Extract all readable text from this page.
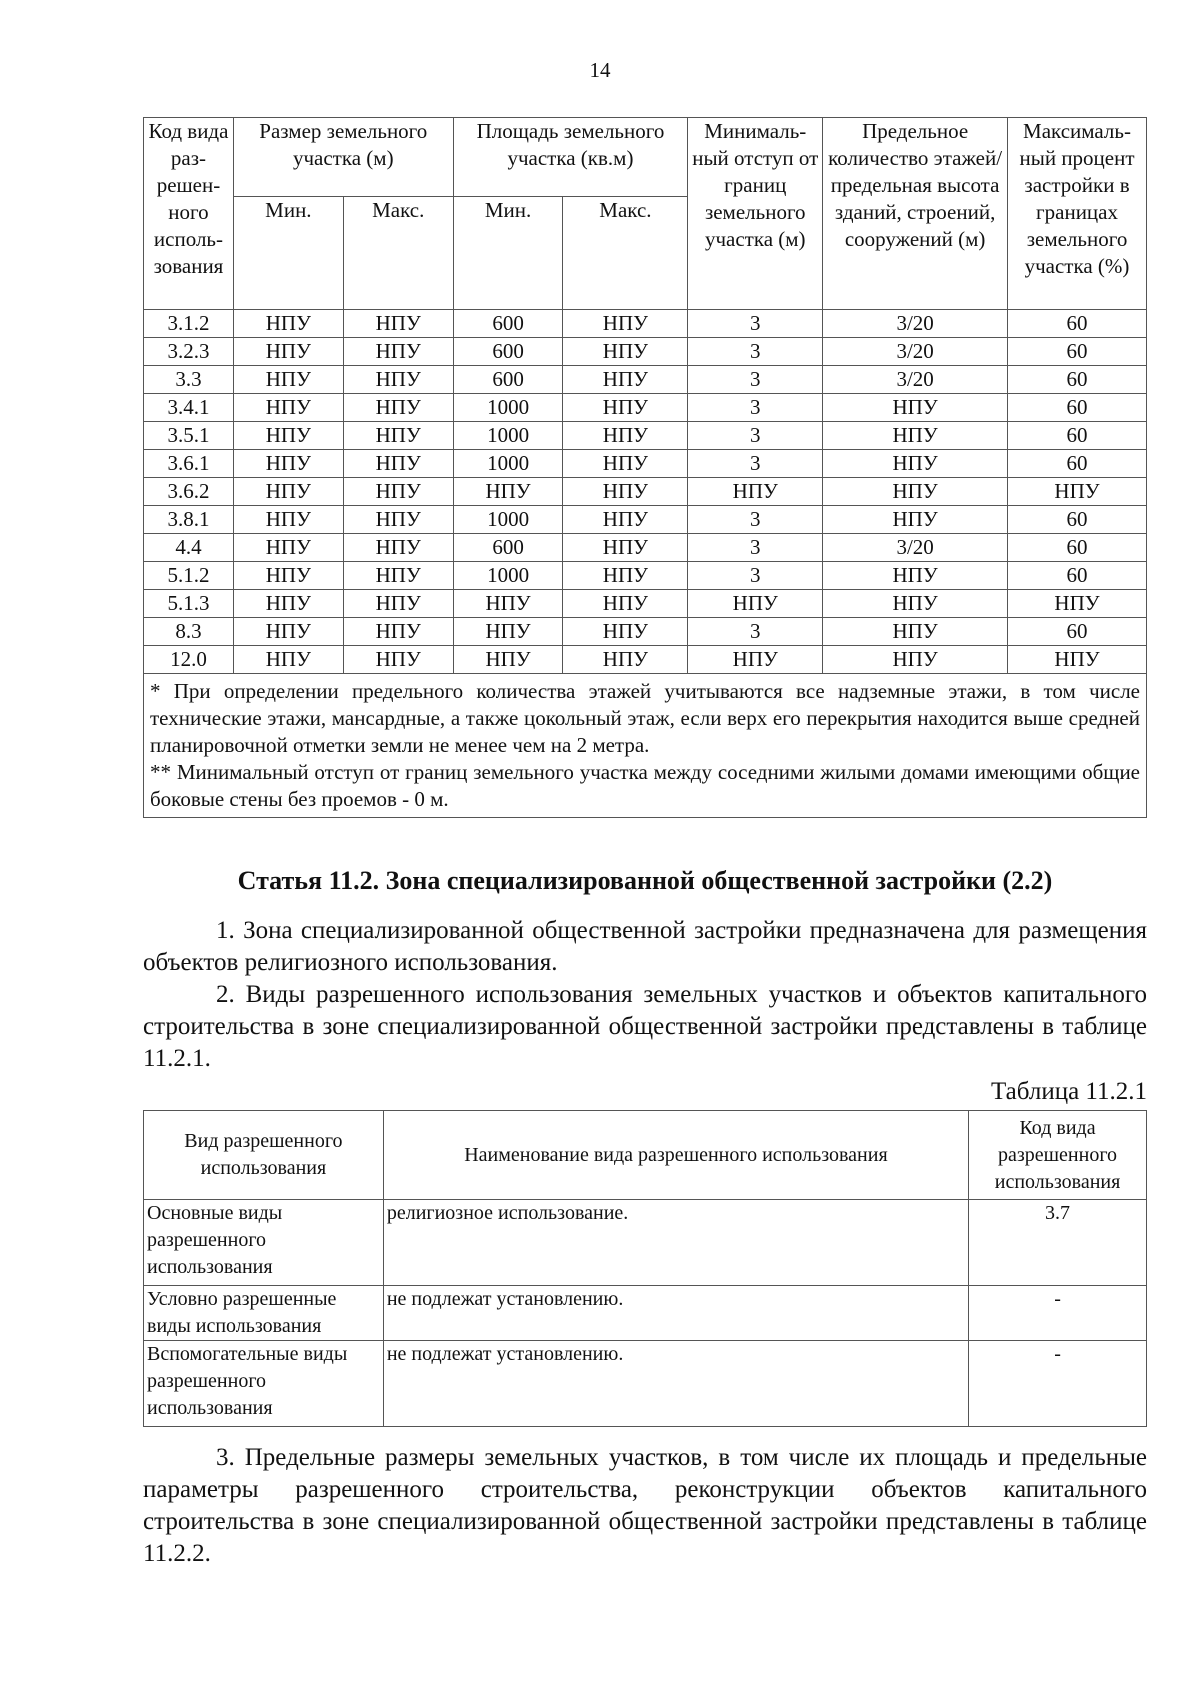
14
Код вида раз-решен-ного исполь-зования	Размер земельного участка (м)		Площадь земельного участка (кв.м)		Минималь-ный отступ от границ земельного участка (м)	Предельное количество этажей/ предельная высота зданий, строений, сооружений (м)	Максималь-ный процент застройки в границах земельного участка (%)
	Мин.	Макс.	Мин.	Макс.			
3.1.2	НПУ	НПУ	600	НПУ	3	3/20	60
3.2.3	НПУ	НПУ	600	НПУ	3	3/20	60
3.3	НПУ	НПУ	600	НПУ	3	3/20	60
3.4.1	НПУ	НПУ	1000	НПУ	3	НПУ	60
3.5.1	НПУ	НПУ	1000	НПУ	3	НПУ	60
3.6.1	НПУ	НПУ	1000	НПУ	3	НПУ	60
3.6.2	НПУ	НПУ	НПУ	НПУ	НПУ	НПУ	НПУ
3.8.1	НПУ	НПУ	1000	НПУ	3	НПУ	60
4.4	НПУ	НПУ	600	НПУ	3	3/20	60
5.1.2	НПУ	НПУ	1000	НПУ	3	НПУ	60
5.1.3	НПУ	НПУ	НПУ	НПУ	НПУ	НПУ	НПУ
8.3	НПУ	НПУ	НПУ	НПУ	3	НПУ	60
12.0	НПУ	НПУ	НПУ	НПУ	НПУ	НПУ	НПУ

* При определении предельного количества этажей учитываются все надземные этажи, в том числе технические этажи, мансардные, а также цокольный этаж, если верх его перекрытия находится выше средней планировочной отметки земли не менее чем на 2 метра.

** Минимальный отступ от границ земельного участка между соседними жилыми домами имеющими общие боковые стены без проемов - 0 м.							

Статья 11.2. Зона специализированной общественной застройки (2.2)

1. Зона специализированной общественной застройки предназначена для размещения объектов религиозного использования.

2. Виды разрешенного использования земельных участков и объектов капитального строительства в зоне специализированной общественной застройки представлены в таблице 11.2.1.

Таблица 11.2.1
Вид разрешенного использования	Наименование вида разрешенного использования	Код вида разрешенного использования
Основные виды разрешенного использования	религиозное использование.	3.7
Условно разрешенные виды использования	не подлежат установлению.	-
Вспомогательные виды разрешенного использования	не подлежат установлению.	-

3. Предельные размеры земельных участков, в том числе их площадь и предельные параметры разрешенного строительства, реконструкции объектов капитального строительства в зоне специализированной общественной застройки представлены в таблице 11.2.2.
